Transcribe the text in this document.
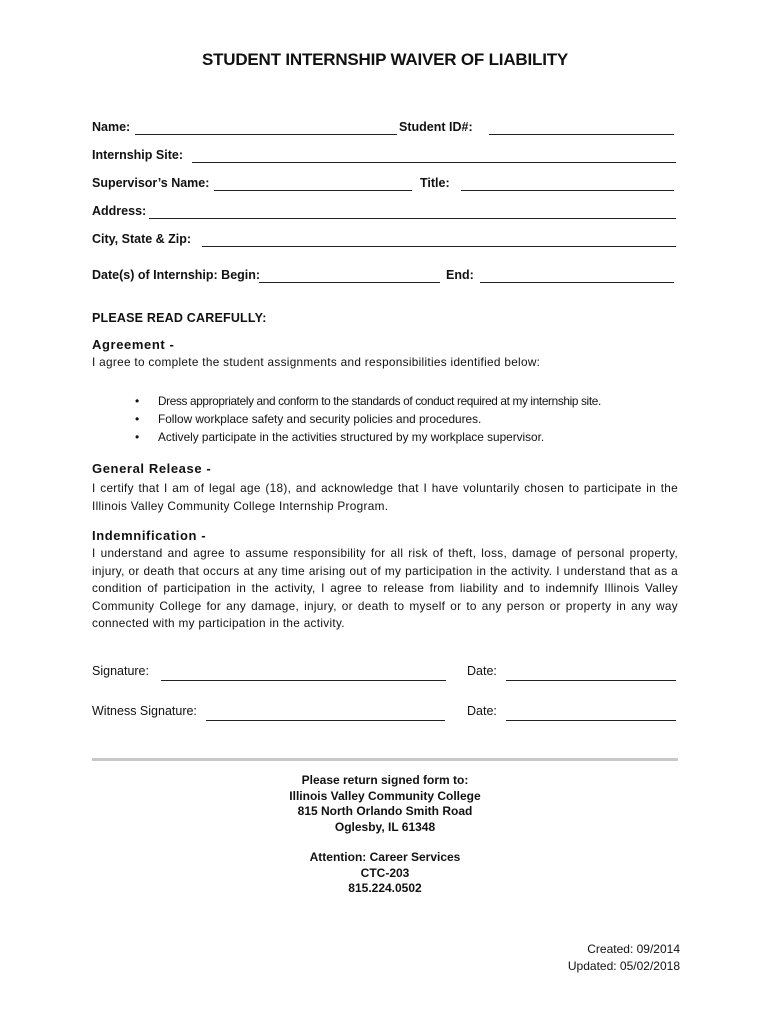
STUDENT INTERNSHIP WAIVER OF LIABILITY
Name:	Student ID#:
Internship Site:
Supervisor’s Name:	Title:
Address:
City, State & Zip:
Date(s) of Internship: Begin:	End:
PLEASE READ CAREFULLY:
Agreement -
I agree to complete the student assignments and responsibilities identified below:
• Dress appropriately and conform to the standards of conduct required at my internship site.
• Follow workplace safety and security policies and procedures.
• Actively participate in the activities structured by my workplace supervisor.
General Release -
I certify that I am of legal age (18), and acknowledge that I have voluntarily chosen to participate in the Illinois Valley Community College Internship Program.
Indemnification -
I understand and agree to assume responsibility for all risk of theft, loss, damage of personal property, injury, or death that occurs at any time arising out of my participation in the activity. I understand that as a condition of participation in the activity, I agree to release from liability and to indemnify Illinois Valley Community College for any damage, injury, or death to myself or to any person or property in any way connected with my participation in the activity.
Signature:	Date:
Witness Signature:	Date:
Please return signed form to:
Illinois Valley Community College
815 North Orlando Smith Road
Oglesby, IL 61348
Attention: Career Services
CTC-203
815.224.0502
Created: 09/2014
Updated: 05/02/2018
